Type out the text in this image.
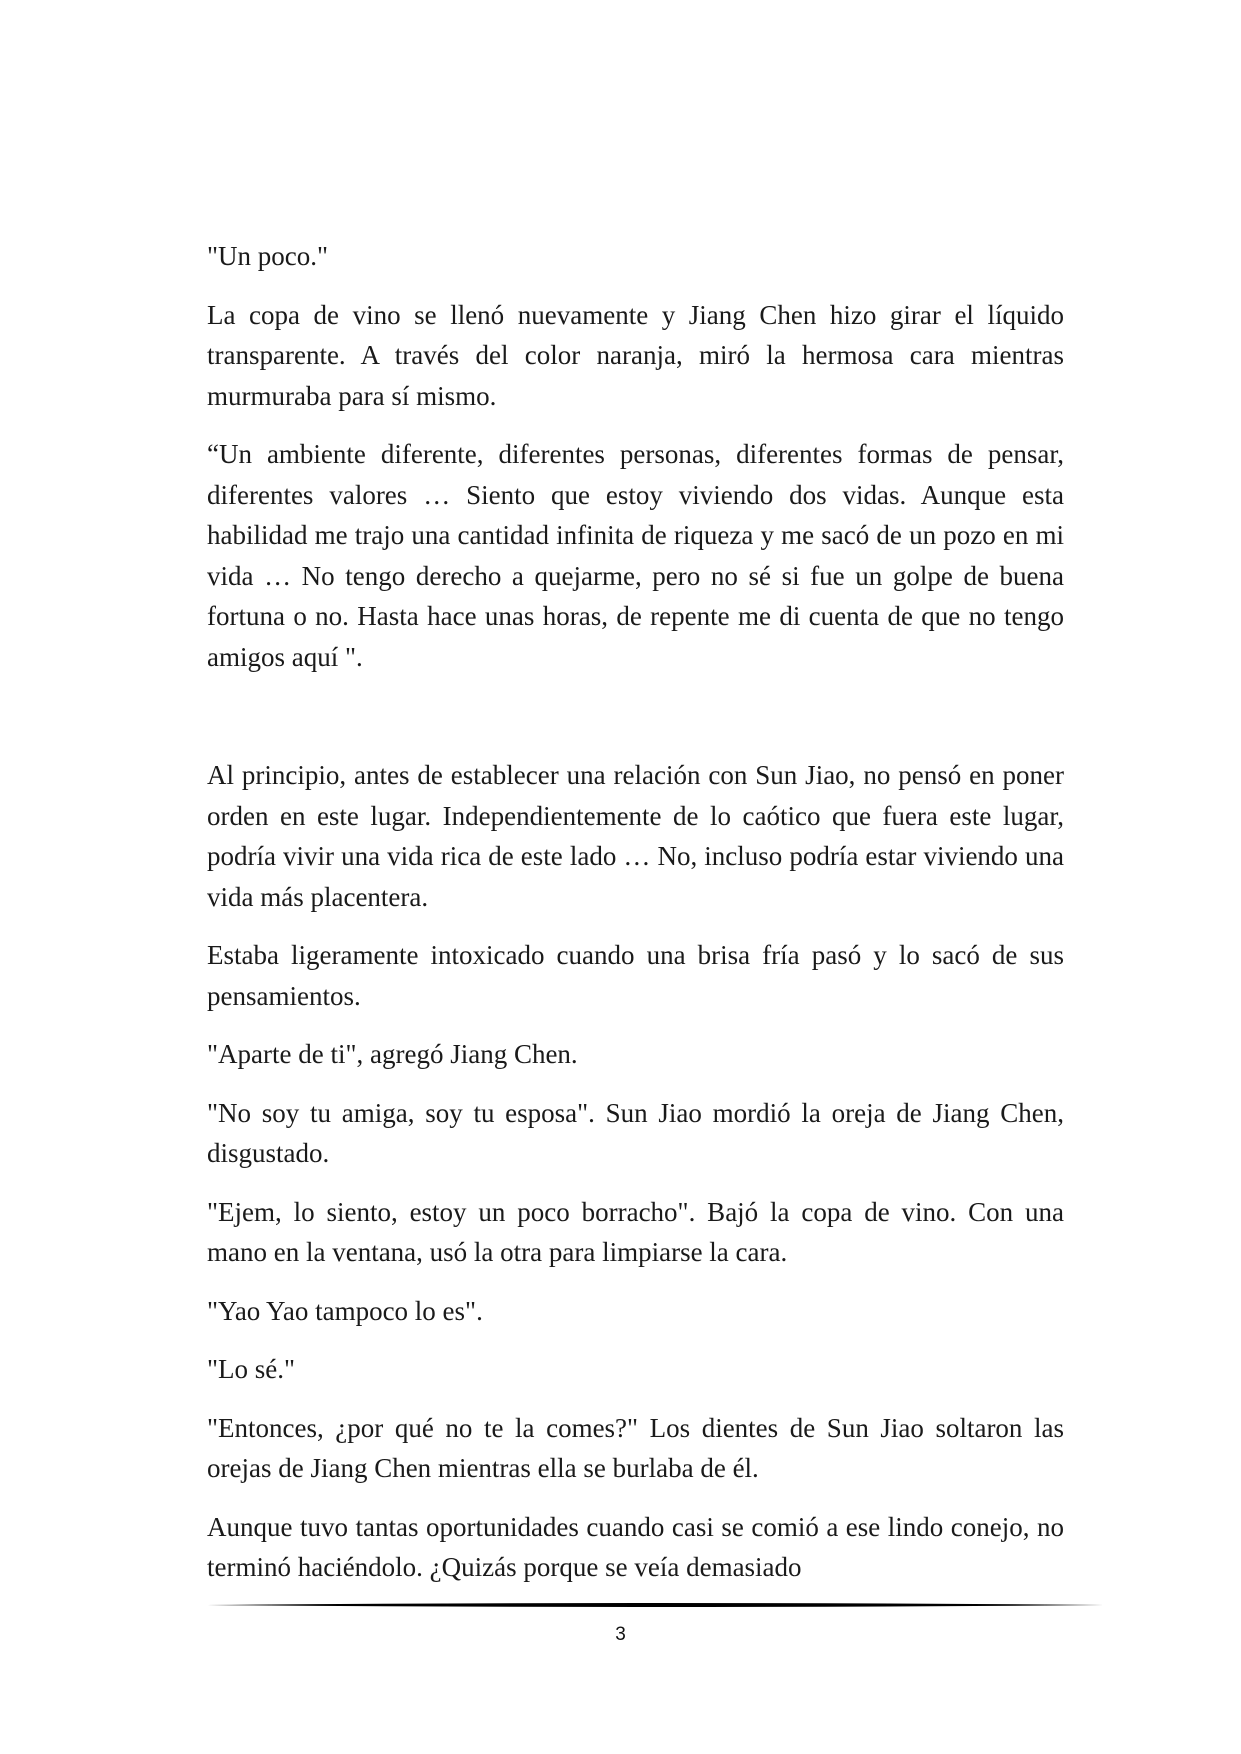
"Un poco."

La copa de vino se llenó nuevamente y Jiang Chen hizo girar el líquido transparente. A través del color naranja, miró la hermosa cara mientras murmuraba para sí mismo.

“Un ambiente diferente, diferentes personas, diferentes formas de pensar, diferentes valores … Siento que estoy viviendo dos vidas. Aunque esta habilidad me trajo una cantidad infinita de riqueza y me sacó de un pozo en mi vida … No tengo derecho a quejarme, pero no sé si fue un golpe de buena fortuna o no. Hasta hace unas horas, de repente me di cuenta de que no tengo amigos aquí ".

Al principio, antes de establecer una relación con Sun Jiao, no pensó en poner orden en este lugar. Independientemente de lo caótico que fuera este lugar, podría vivir una vida rica de este lado … No, incluso podría estar viviendo una vida más placentera.

Estaba ligeramente intoxicado cuando una brisa fría pasó y lo sacó de sus pensamientos.

"Aparte de ti", agregó Jiang Chen.

"No soy tu amiga, soy tu esposa". Sun Jiao mordió la oreja de Jiang Chen, disgustado.

"Ejem, lo siento, estoy un poco borracho". Bajó la copa de vino. Con una mano en la ventana, usó la otra para limpiarse la cara.

"Yao Yao tampoco lo es".

"Lo sé."

"Entonces, ¿por qué no te la comes?" Los dientes de Sun Jiao soltaron las orejas de Jiang Chen mientras ella se burlaba de él.

Aunque tuvo tantas oportunidades cuando casi se comió a ese lindo conejo, no terminó haciéndolo. ¿Quizás porque se veía demasiado

3
